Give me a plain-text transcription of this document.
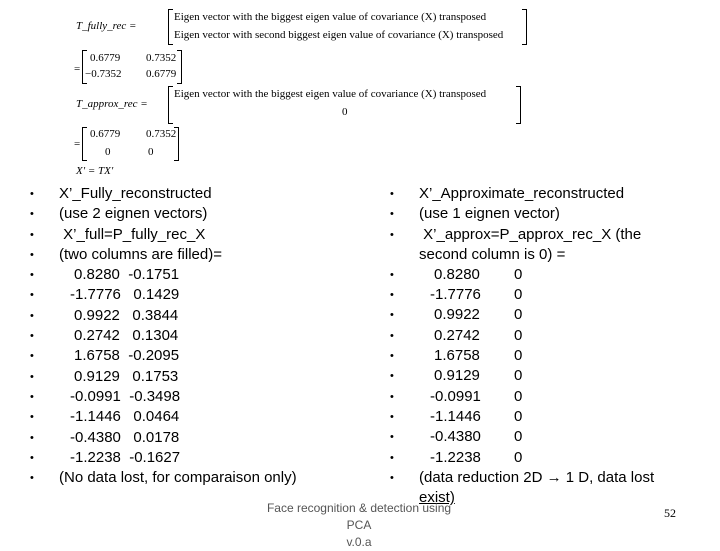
T_fully_rec =
Eigen vector with the biggest eigen value of covariance (X) transposed
Eigen vector with second biggest eigen value of covariance (X) transposed
=
0.6779 0.7352
−0.7352 0.6779
T_approx_rec =
Eigen vector with the biggest eigen value of covariance (X) transposed
0
=
0.6779 0.7352
0	0
X′ = TX′
• X’_Fully_reconstructed
• (use 2 eignen vectors)
•  X’_full=P_fully_rec_X
• (two columns are filled)=
• 0.8280  -0.1751
• -1.7776   0.1429
• 0.9922   0.3844
• 0.2742   0.1304
• 1.6758  -0.2095
• 0.9129   0.1753
• -0.0991  -0.3498
• -1.1446   0.0464
• -0.4380   0.0178
• -1.2238  -0.1627
• (No data lost, for comparaison only)
• X’_Approximate_reconstructed
• (use 1 eignen vector)
•  X’_approx=P_approx_rec_X (the
second column is 0) =
• 0.8280 0
• -1.7776 0
• 0.9922 0
• 0.2742 0
• 1.6758 0
• 0.9129 0
• -0.0991 0
• -1.1446 0
• -0.4380 0
• -1.2238 0
• (data reduction 2D → 1 D, data lost
exist)
Face recognition & detection using PCA
v.0.a
52
